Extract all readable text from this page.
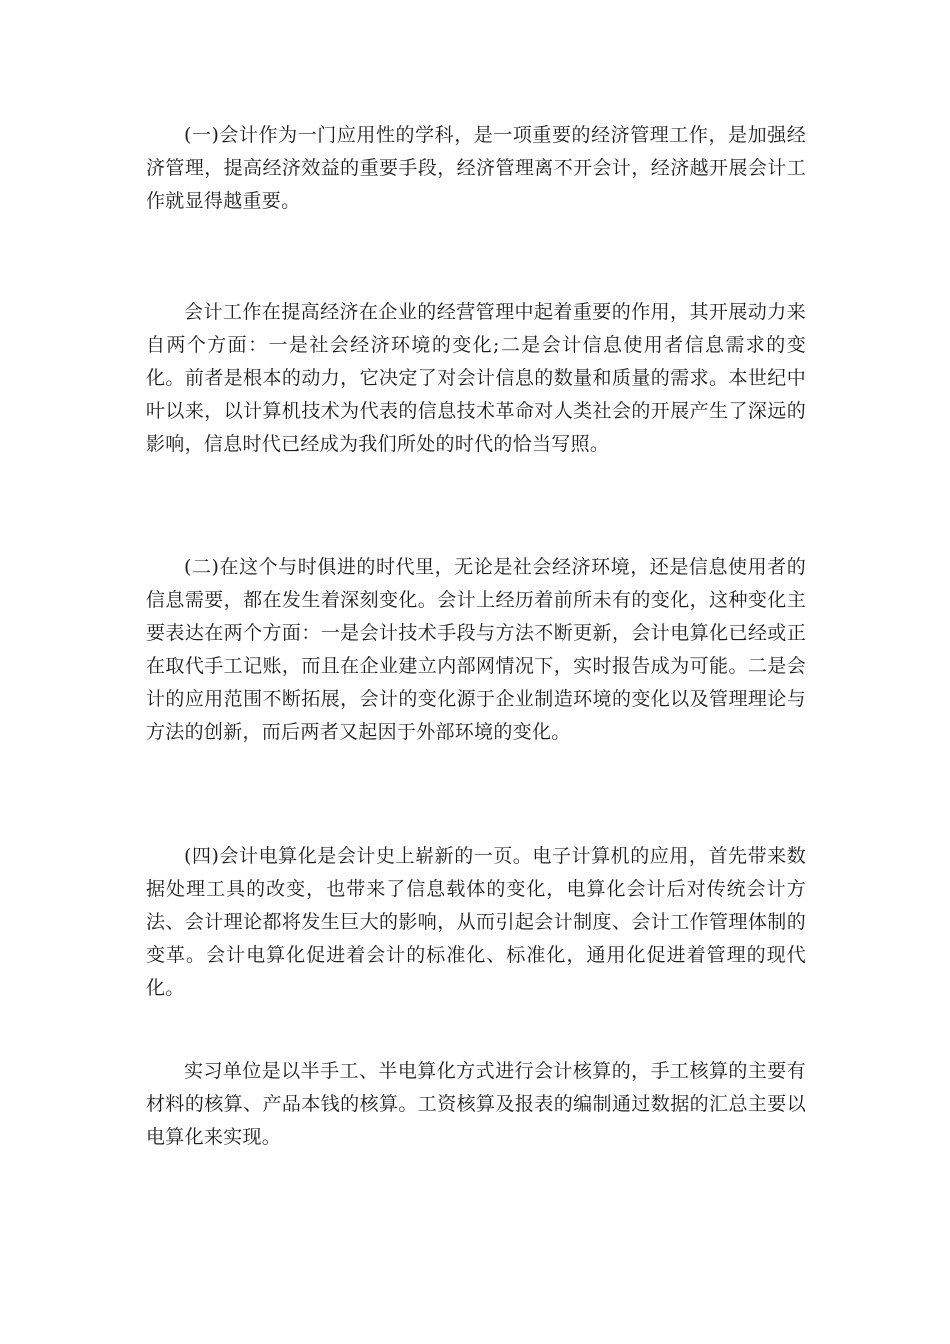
(一)会计作为一门应用性的学科，是一项重要的经济管理工作，是加强经济管理，提高经济效益的重要手段，经济管理离不开会计，经济越开展会计工作就显得越重要。

会计工作在提高经济在企业的经营管理中起着重要的作用，其开展动力来自两个方面：一是社会经济环境的变化;二是会计信息使用者信息需求的变化。前者是根本的动力，它决定了对会计信息的数量和质量的需求。本世纪中叶以来，以计算机技术为代表的信息技术革命对人类社会的开展产生了深远的影响，信息时代已经成为我们所处的时代的恰当写照。

(二)在这个与时俱进的时代里，无论是社会经济环境，还是信息使用者的信息需要，都在发生着深刻变化。会计上经历着前所未有的变化，这种变化主要表达在两个方面：一是会计技术手段与方法不断更新，会计电算化已经或正在取代手工记账，而且在企业建立内部网情况下，实时报告成为可能。二是会计的应用范围不断拓展，会计的变化源于企业制造环境的变化以及管理理论与方法的创新，而后两者又起因于外部环境的变化。

(四)会计电算化是会计史上崭新的一页。电子计算机的应用，首先带来数据处理工具的改变，也带来了信息载体的变化，电算化会计后对传统会计方法、会计理论都将发生巨大的影响，从而引起会计制度、会计工作管理体制的变革。会计电算化促进着会计的标准化、标准化，通用化促进着管理的现代化。

实习单位是以半手工、半电算化方式进行会计核算的，手工核算的主要有材料的核算、产品本钱的核算。工资核算及报表的编制通过数据的汇总主要以电算化来实现。
